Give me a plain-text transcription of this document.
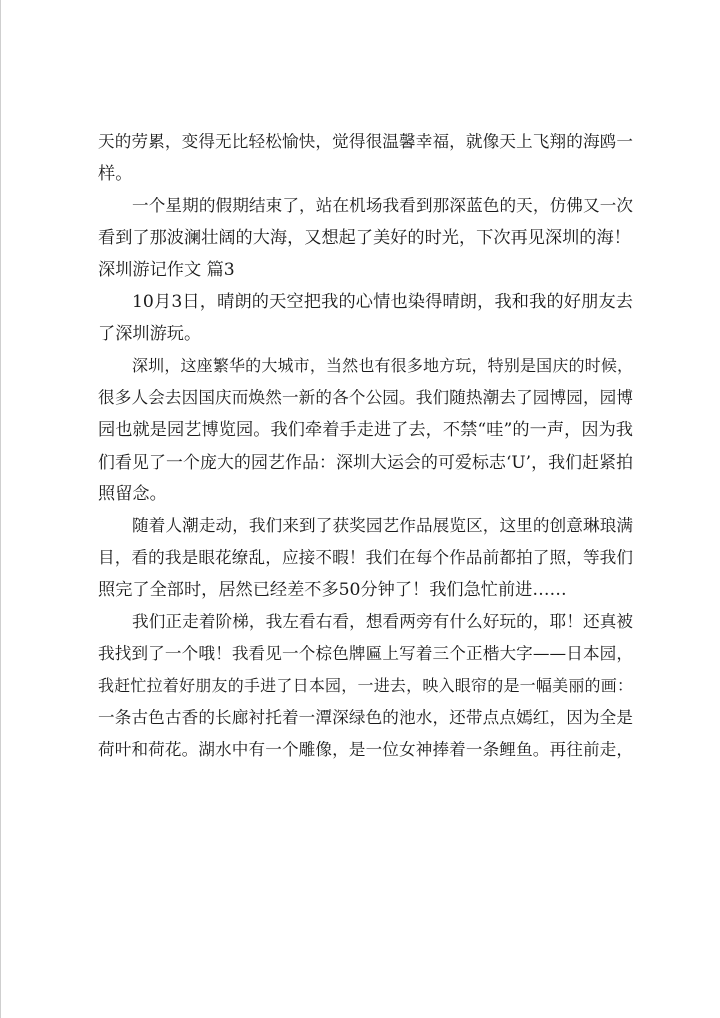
天的劳累，变得无比轻松愉快，觉得很温馨幸福，就像天上飞翔的海鸥一
样。
一个星期的假期结束了，站在机场我看到那深蓝色的天，仿佛又一次
看到了那波澜壮阔的大海，又想起了美好的时光，下次再见深圳的海！
深圳游记作文 篇3
10月3日，晴朗的天空把我的心情也染得晴朗，我和我的好朋友去
了深圳游玩。
深圳，这座繁华的大城市，当然也有很多地方玩，特别是国庆的时候，
很多人会去因国庆而焕然一新的各个公园。我们随热潮去了园博园，园博
园也就是园艺博览园。我们牵着手走进了去，不禁“哇”的一声，因为我
们看见了一个庞大的园艺作品：深圳大运会的可爱标志‘U’，我们赶紧拍
照留念。
随着人潮走动，我们来到了获奖园艺作品展览区，这里的创意琳琅满
目，看的我是眼花缭乱，应接不暇！我们在每个作品前都拍了照，等我们
照完了全部时，居然已经差不多50分钟了！我们急忙前进……
我们正走着阶梯，我左看右看，想看两旁有什么好玩的，耶！还真被
我找到了一个哦！我看见一个棕色牌匾上写着三个正楷大字——日本园，
我赶忙拉着好朋友的手进了日本园，一进去，映入眼帘的是一幅美丽的画：
一条古色古香的长廊衬托着一潭深绿色的池水，还带点点嫣红，因为全是
荷叶和荷花。湖水中有一个雕像，是一位女神捧着一条鲤鱼。再往前走，
